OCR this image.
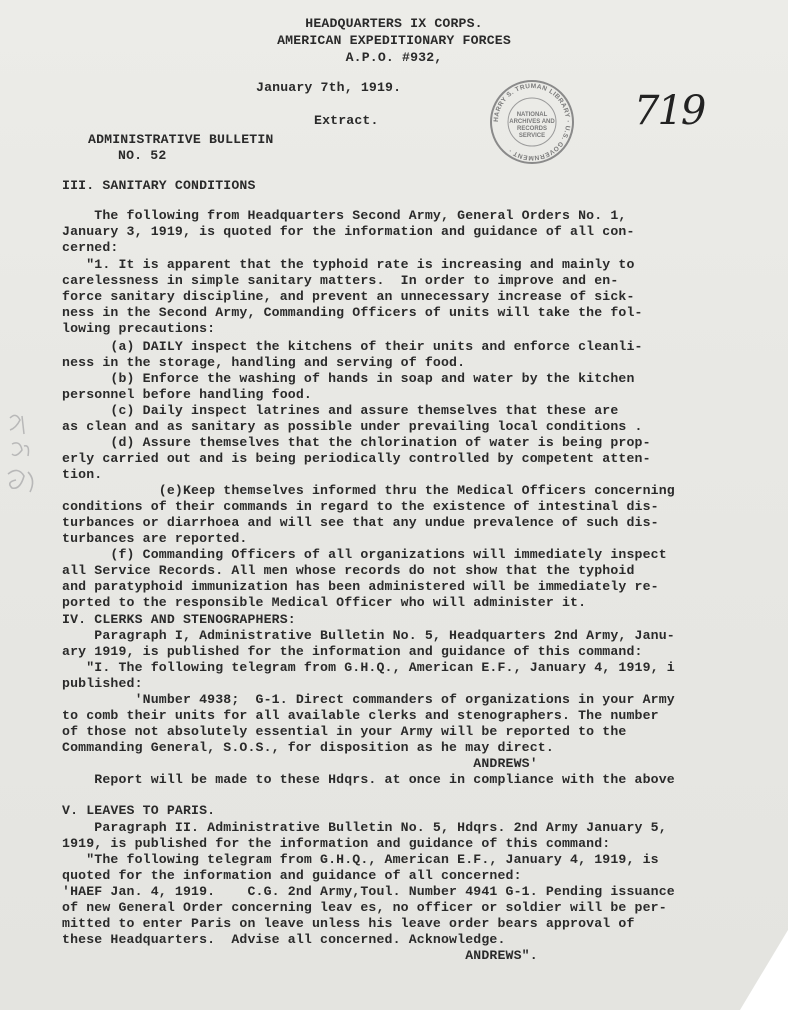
HEADQUARTERS IX CORPS.
AMERICAN EXPEDITIONARY FORCES
A.P.O. #932,
January 7th, 1919.
Extract.
ADMINISTRATIVE BULLETIN
NO. 52
HARRY S. TRUMAN LIBRARY · U.S. GOVERNMENT ·
NATIONAL
ARCHIVES AND
RECORDS
SERVICE
719
III. SANITARY CONDITIONS
The following from Headquarters Second Army, General Orders No. 1,
January 3, 1919, is quoted for the information and guidance of all con-
cerned:
"1. It is apparent that the typhoid rate is increasing and mainly to
carelessness in simple sanitary matters.  In order to improve and en-
force sanitary discipline, and prevent an unnecessary increase of sick-
ness in the Second Army, Commanding Officers of units will take the fol-
lowing precautions:
(a) DAILY inspect the kitchens of their units and enforce cleanli-
ness in the storage, handling and serving of food.
(b) Enforce the washing of hands in soap and water by the kitchen
personnel before handling food.
(c) Daily inspect latrines and assure themselves that these are
as clean and as sanitary as possible under prevailing local conditions .
(d) Assure themselves that the chlorination of water is being prop-
erly carried out and is being periodically controlled by competent atten-
tion.
(e)Keep themselves informed thru the Medical Officers concerning
conditions of their commands in regard to the existence of intestinal dis-
turbances or diarrhoea and will see that any undue prevalence of such dis-
turbances are reported.
(f) Commanding Officers of all organizations will immediately inspect
all Service Records. All men whose records do not show that the typhoid
and paratyphoid immunization has been administered will be immediately re-
ported to the responsible Medical Officer who will administer it.
IV. CLERKS AND STENOGRAPHERS:
Paragraph I, Administrative Bulletin No. 5, Headquarters 2nd Army, Janu-
ary 1919, is published for the information and guidance of this command:
"I. The following telegram from G.H.Q., American E.F., January 4, 1919, i
published:
'Number 4938;  G-1. Direct commanders of organizations in your Army
to comb their units for all available clerks and stenographers. The number
of those not absolutely essential in your Army will be reported to the
Commanding General, S.O.S., for disposition as he may direct.
ANDREWS'
Report will be made to these Hdqrs. at once in compliance with the above
V. LEAVES TO PARIS.
Paragraph II. Administrative Bulletin No. 5, Hdqrs. 2nd Army January 5,
1919, is published for the information and guidance of this command:
"The following telegram from G.H.Q., American E.F., January 4, 1919, is
quoted for the information and guidance of all concerned:
'HAEF Jan. 4, 1919.    C.G. 2nd Army,Toul. Number 4941 G-1. Pending issuance
of new General Order concerning leav es, no officer or soldier will be per-
mitted to enter Paris on leave unless his leave order bears approval of
these Headquarters.  Advise all concerned. Acknowledge.
ANDREWS".
